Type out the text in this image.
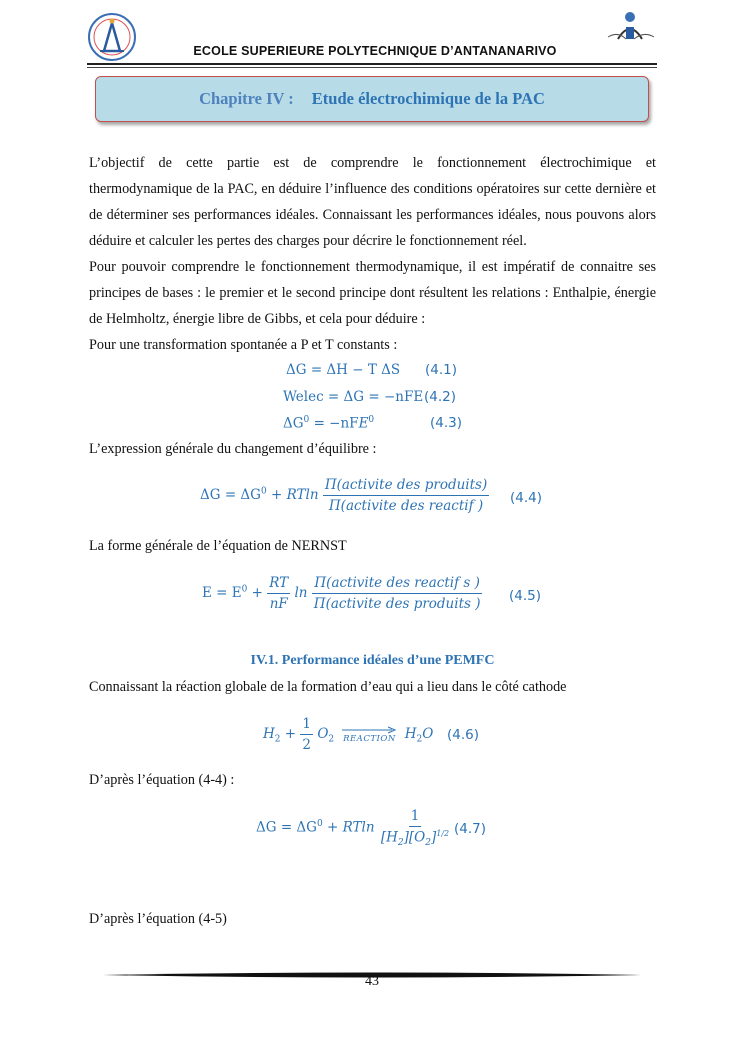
ECOLE SUPERIEURE POLYTECHNIQUE D’ANTANANARIVO
Chapitre IV : Etude électrochimique de la PAC
L’objectif de cette partie est de comprendre le fonctionnement électrochimique et thermodynamique de la PAC, en déduire l’influence des conditions opératoires sur cette dernière et de déterminer ses performances idéales. Connaissant les performances idéales, nous pouvons alors déduire et calculer les pertes des charges pour décrire le fonctionnement réel.
Pour pouvoir comprendre le fonctionnement thermodynamique, il est impératif de connaitre ses principes de bases : le premier et le second principe dont résultent les relations : Enthalpie, énergie de Helmholtz, énergie libre de Gibbs, et cela pour déduire :
Pour une transformation spontanée a P et T constants :
ΔG = ΔH − T ΔS (4.1)
Welec = ΔG = −nFE (4.2)
$\Delta G^0 = -nFE^0$	(4.3)
L’expression générale du changement d’équilibre :
$\Delta G = \Delta G^0 + RTln \frac{\text{Π(activite des produits)}}{\text{Π(activite des reactif )}} (4.4)$
La forme générale de l’équation de NERNST
$E = E^0 + \frac{RT}{nF}$ $\ln \frac{\text{Π(activite des reactif s )}}{\text{Π(activite des produits )}} (4.5)$
IV.1. Performance idéales d’une PEMFC
Connaissant la réaction globale de la formation d’eau qui a lieu dans le côté cathode
$H_2 + \frac{1}{2} O_2$ REACTION $H_2O$ (4.6)
D’après l’équation (4-4) :
$\Delta G = \Delta G^0 + RTln \frac{1}{[H_2][O_2]^{1/2}} (4.7)$
D’après l’équation (4-5)
43
